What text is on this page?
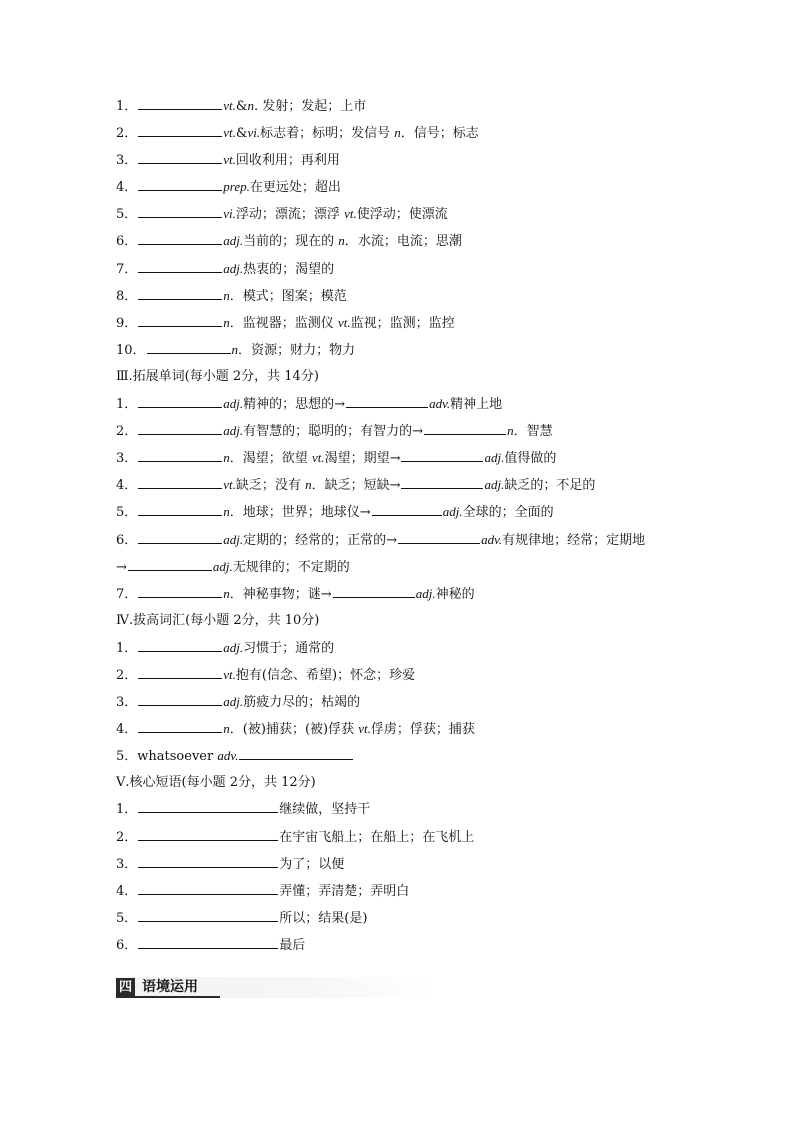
1．	vt.&n. 发射；发起；上市
2．	vt.&vi.标志着；标明；发信号 n．信号；标志
3．	vt.回收利用；再利用
4．	prep.在更远处；超出
5．	vi.浮动；漂流；漂浮 vt.使浮动；使漂流
6．	adj.当前的；现在的 n．水流；电流；思潮
7．	adj.热衷的；渴望的
8．	n．模式；图案；模范
9．	n．监视器；监测仪 vt.监视；监测；监控
10．	n．资源；财力；物力
Ⅲ.拓展单词(每小题 2分，共 14分)
1．	adj.精神的；思想的→	adv.精神上地
2．	adj.有智慧的；聪明的；有智力的→	n．智慧
3．	n．渴望；欲望 vt.渴望；期望→	adj.值得做的
4．	vt.缺乏；没有 n．缺乏；短缺→	adj.缺乏的；不足的
5．	n．地球；世界；地球仪→	adj.全球的；全面的
6．	adj.定期的；经常的；正常的→	adv.有规律地；经常；定期地
→	adj.无规律的；不定期的
7．	n．神秘事物；谜→	adj.神秘的
Ⅳ.拔高词汇(每小题 2分，共 10分)
1．	adj.习惯于；通常的
2．	vt.抱有(信念、希望)；怀念；珍爱
3．	adj.筋疲力尽的；枯竭的
4．	n．(被)捕获；(被)俘获 vt.俘虏；俘获；捕获
5．whatsoever adv.
Ⅴ.核心短语(每小题 2分，共 12分)
1．	继续做，坚持干
2．	在宇宙飞船上；在船上；在飞机上
3．	为了；以便
4．	弄懂；弄清楚；弄明白
5．	所以；结果(是)
6．	最后
四 语境运用
